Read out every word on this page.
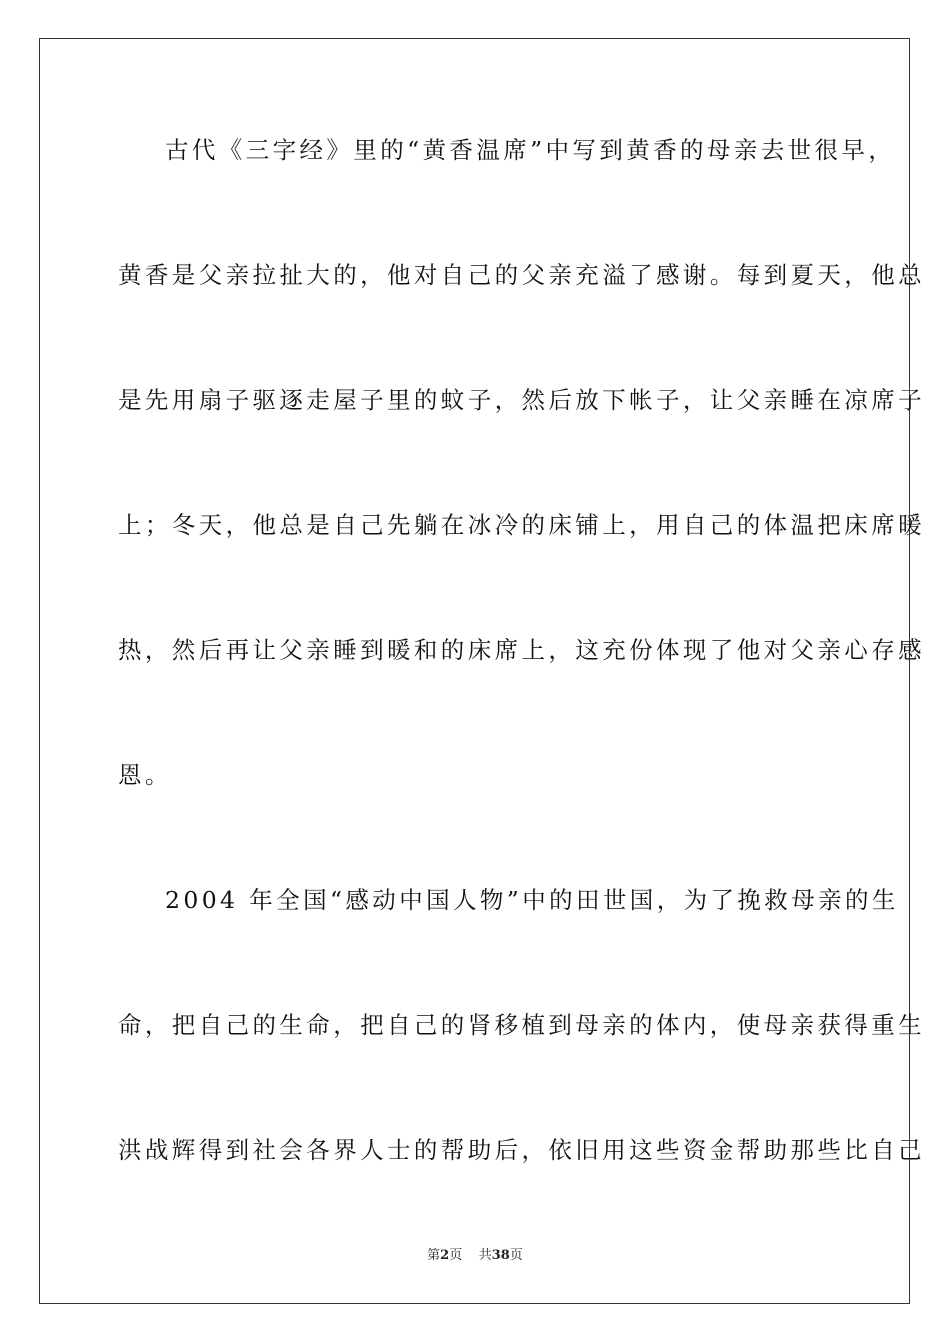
古代《三字经》里的“黄香温席”中写到黄香的母亲去世很早，
黄香是父亲拉扯大的，他对自己的父亲充溢了感谢。每到夏天，他总
是先用扇子驱逐走屋子里的蚊子，然后放下帐子，让父亲睡在凉席子
上；冬天，他总是自己先躺在冰冷的床铺上，用自己的体温把床席暖
热，然后再让父亲睡到暖和的床席上，这充份体现了他对父亲心存感
恩。
2004 年全国“感动中国人物”中的田世国，为了挽救母亲的生
命，把自己的生命，把自己的肾移植到母亲的体内，使母亲获得重生
洪战辉得到社会各界人士的帮助后，依旧用这些资金帮助那些比自己
第2页 共38页
